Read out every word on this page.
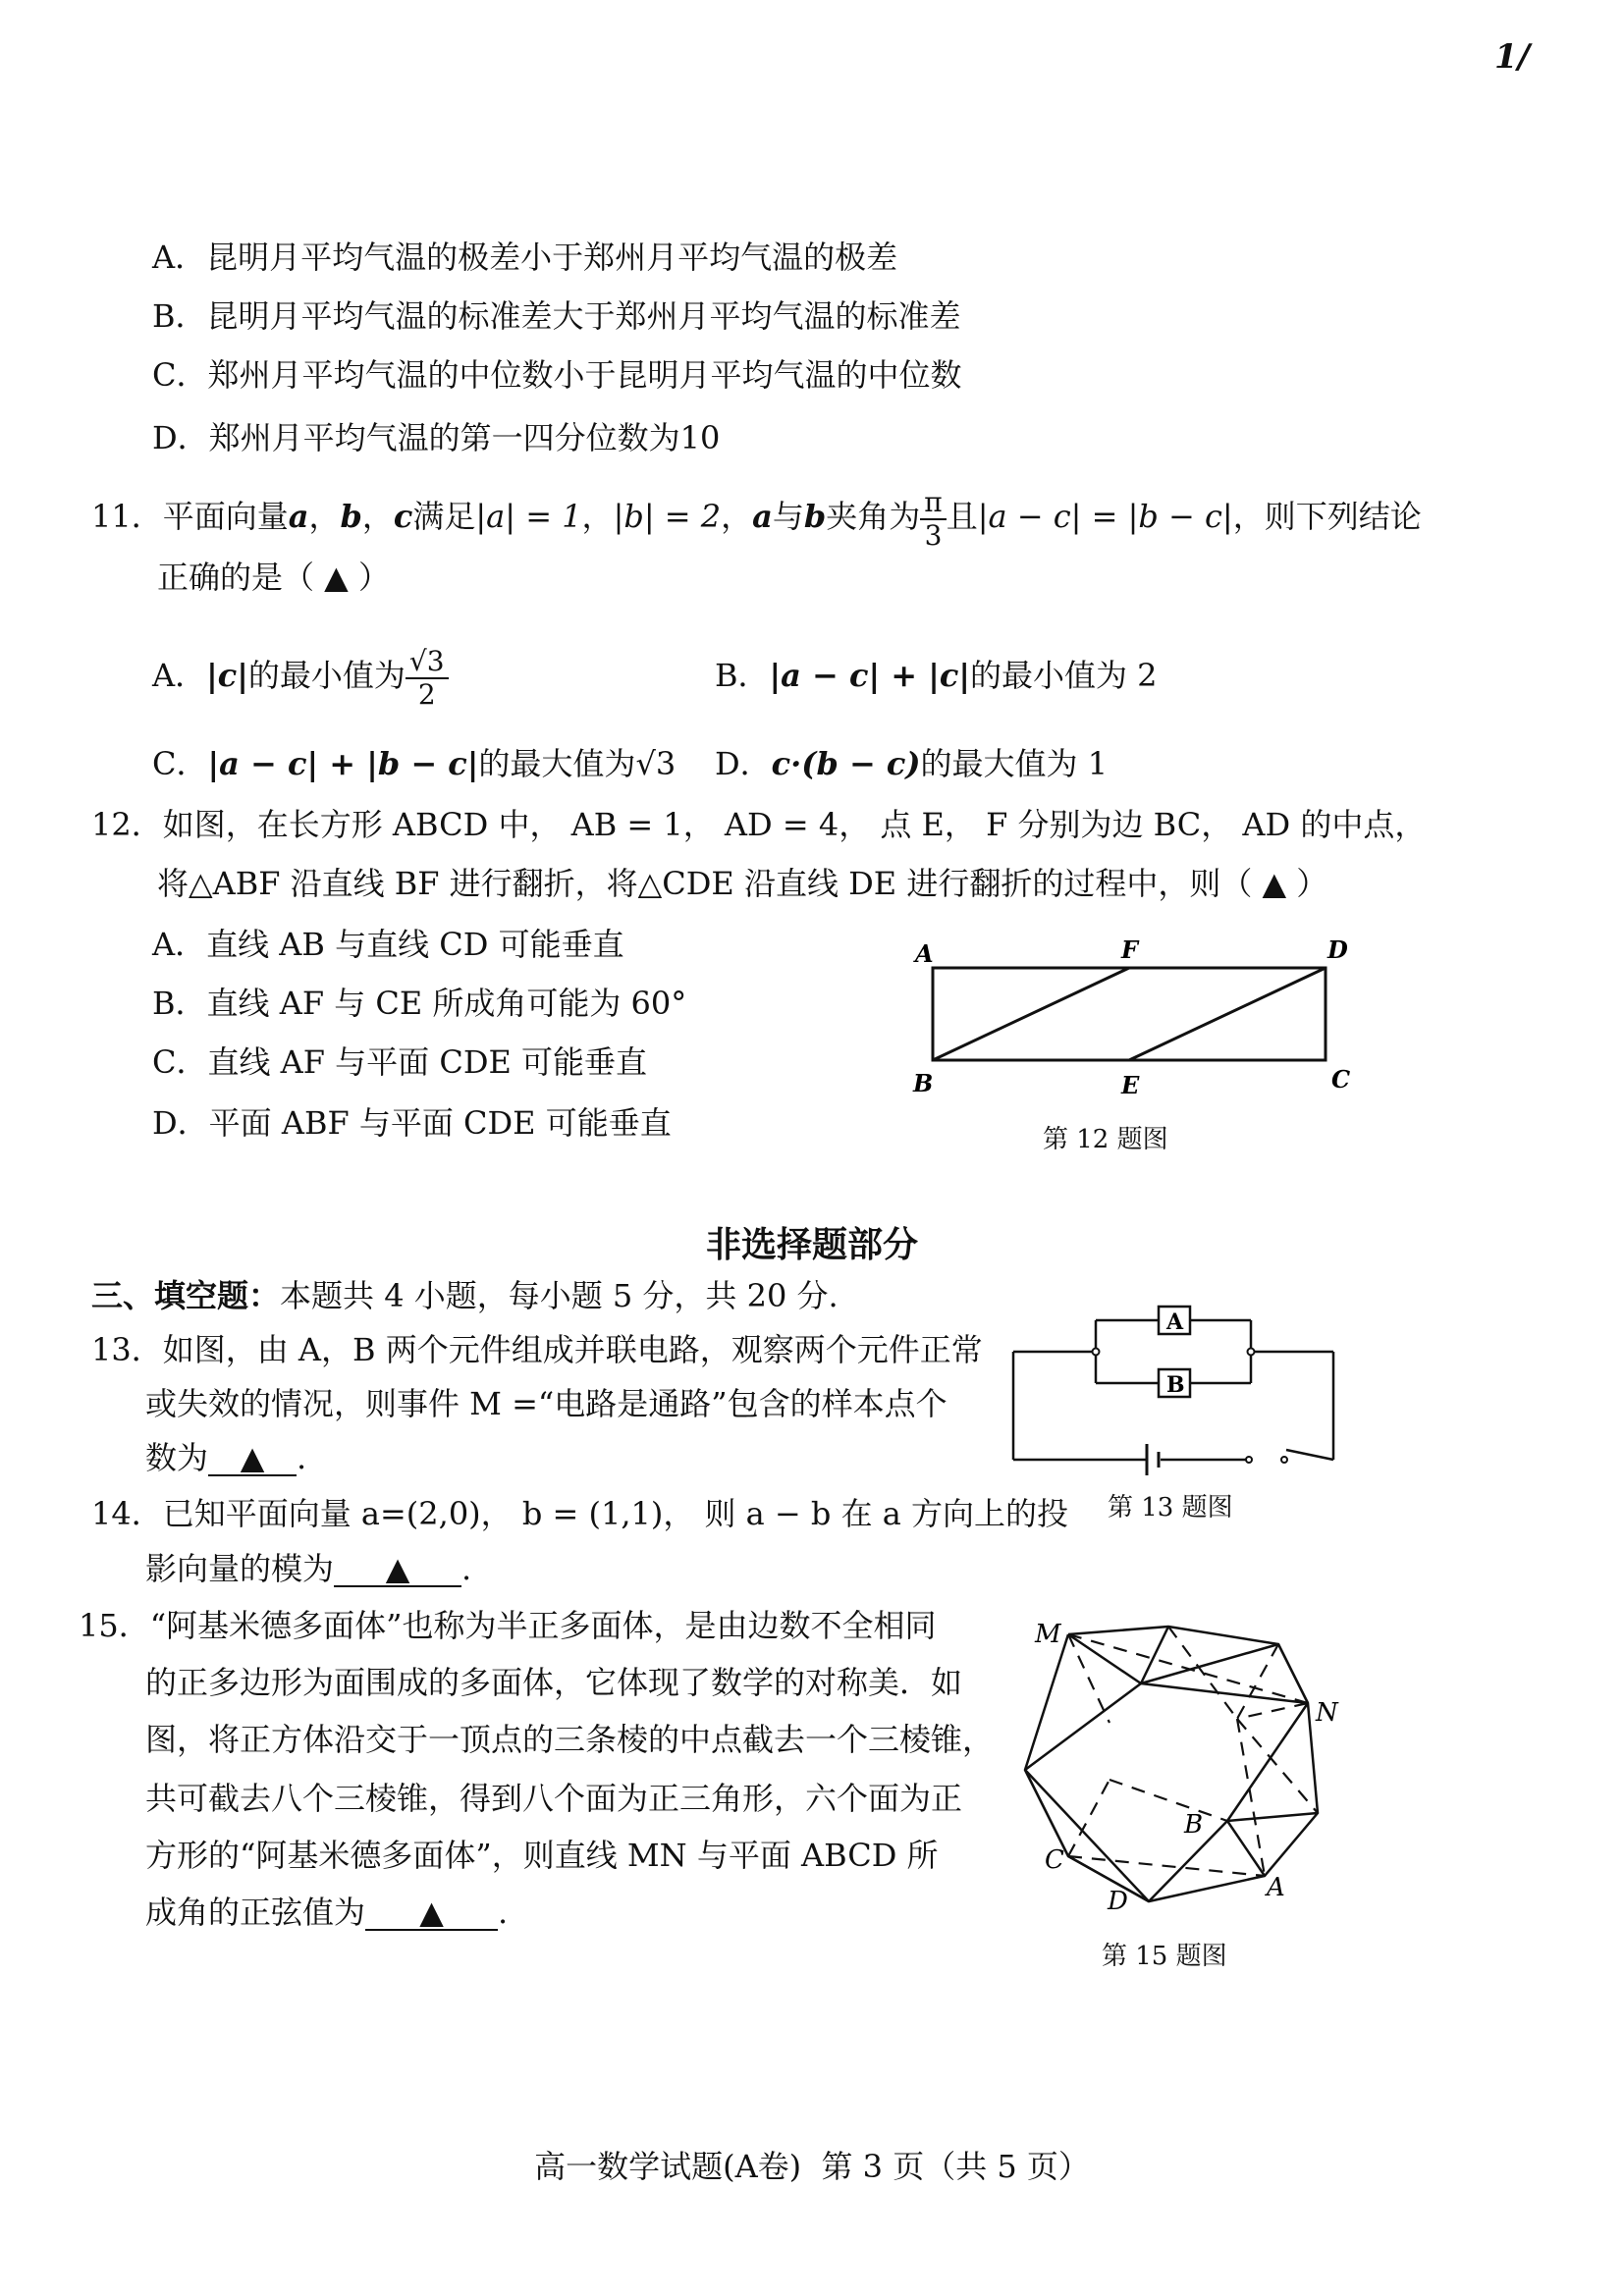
1/
A．昆明月平均气温的极差小于郑州月平均气温的极差
B．昆明月平均气温的标准差大于郑州月平均气温的标准差
C．郑州月平均气温的中位数小于昆明月平均气温的中位数
D．郑州月平均气温的第一四分位数为10
11．平面向量a，b，c满足|a| = 1，|b| = 2，a与b夹角为 $\frac{\pi}{3}$ 且|a − c| = |b − c|，则下列结论
正确的是（ ▲ ）
A．|c|的最小值为 $\frac{√3}{2}$	B．|a − c| + |c|的最小值为 2
C．|a − c| + |b − c|的最大值为√3 D．c·(b − c)的最大值为 1
12．如图，在长方形 ABCD 中， AB = 1， AD = 4， 点 E， F 分别为边 BC， AD 的中点，
将△ABF 沿直线 BF 进行翻折，将△CDE 沿直线 DE 进行翻折的过程中，则（ ▲ ）
A．直线 AB 与直线 CD 可能垂直
B．直线 AF 与 CE 所成角可能为 60°
C．直线 AF 与平面 CDE 可能垂直
D．平面 ABF 与平面 CDE 可能垂直
A	F	D
B	E	C
第 12 题图
非选择题部分
三、填空题：本题共 4 小题，每小题 5 分，共 20 分.
13．如图，由 A，B 两个元件组成并联电路，观察两个元件正常
或失效的情况，则事件 M =“电路是通路”包含的样本点个
数为 ▲ .
A
B
第 13 题图
14．已知平面向量 a=(2,0)， b = (1,1)， 则 a − b 在 a 方向上的投
影向量的模为 ▲ .
15．“阿基米德多面体”也称为半正多面体，是由边数不全相同
的正多边形为面围成的多面体，它体现了数学的对称美．如
图，将正方体沿交于一顶点的三条棱的中点截去一个三棱锥，
共可截去八个三棱锥，得到八个面为正三角形，六个面为正
方形的“阿基米德多面体”，则直线 MN 与平面 ABCD 所
成角的正弦值为 ▲ .
M
N
B
C
D	A
第 15 题图
高一数学试题(A卷)  第 3 页（共 5 页）
